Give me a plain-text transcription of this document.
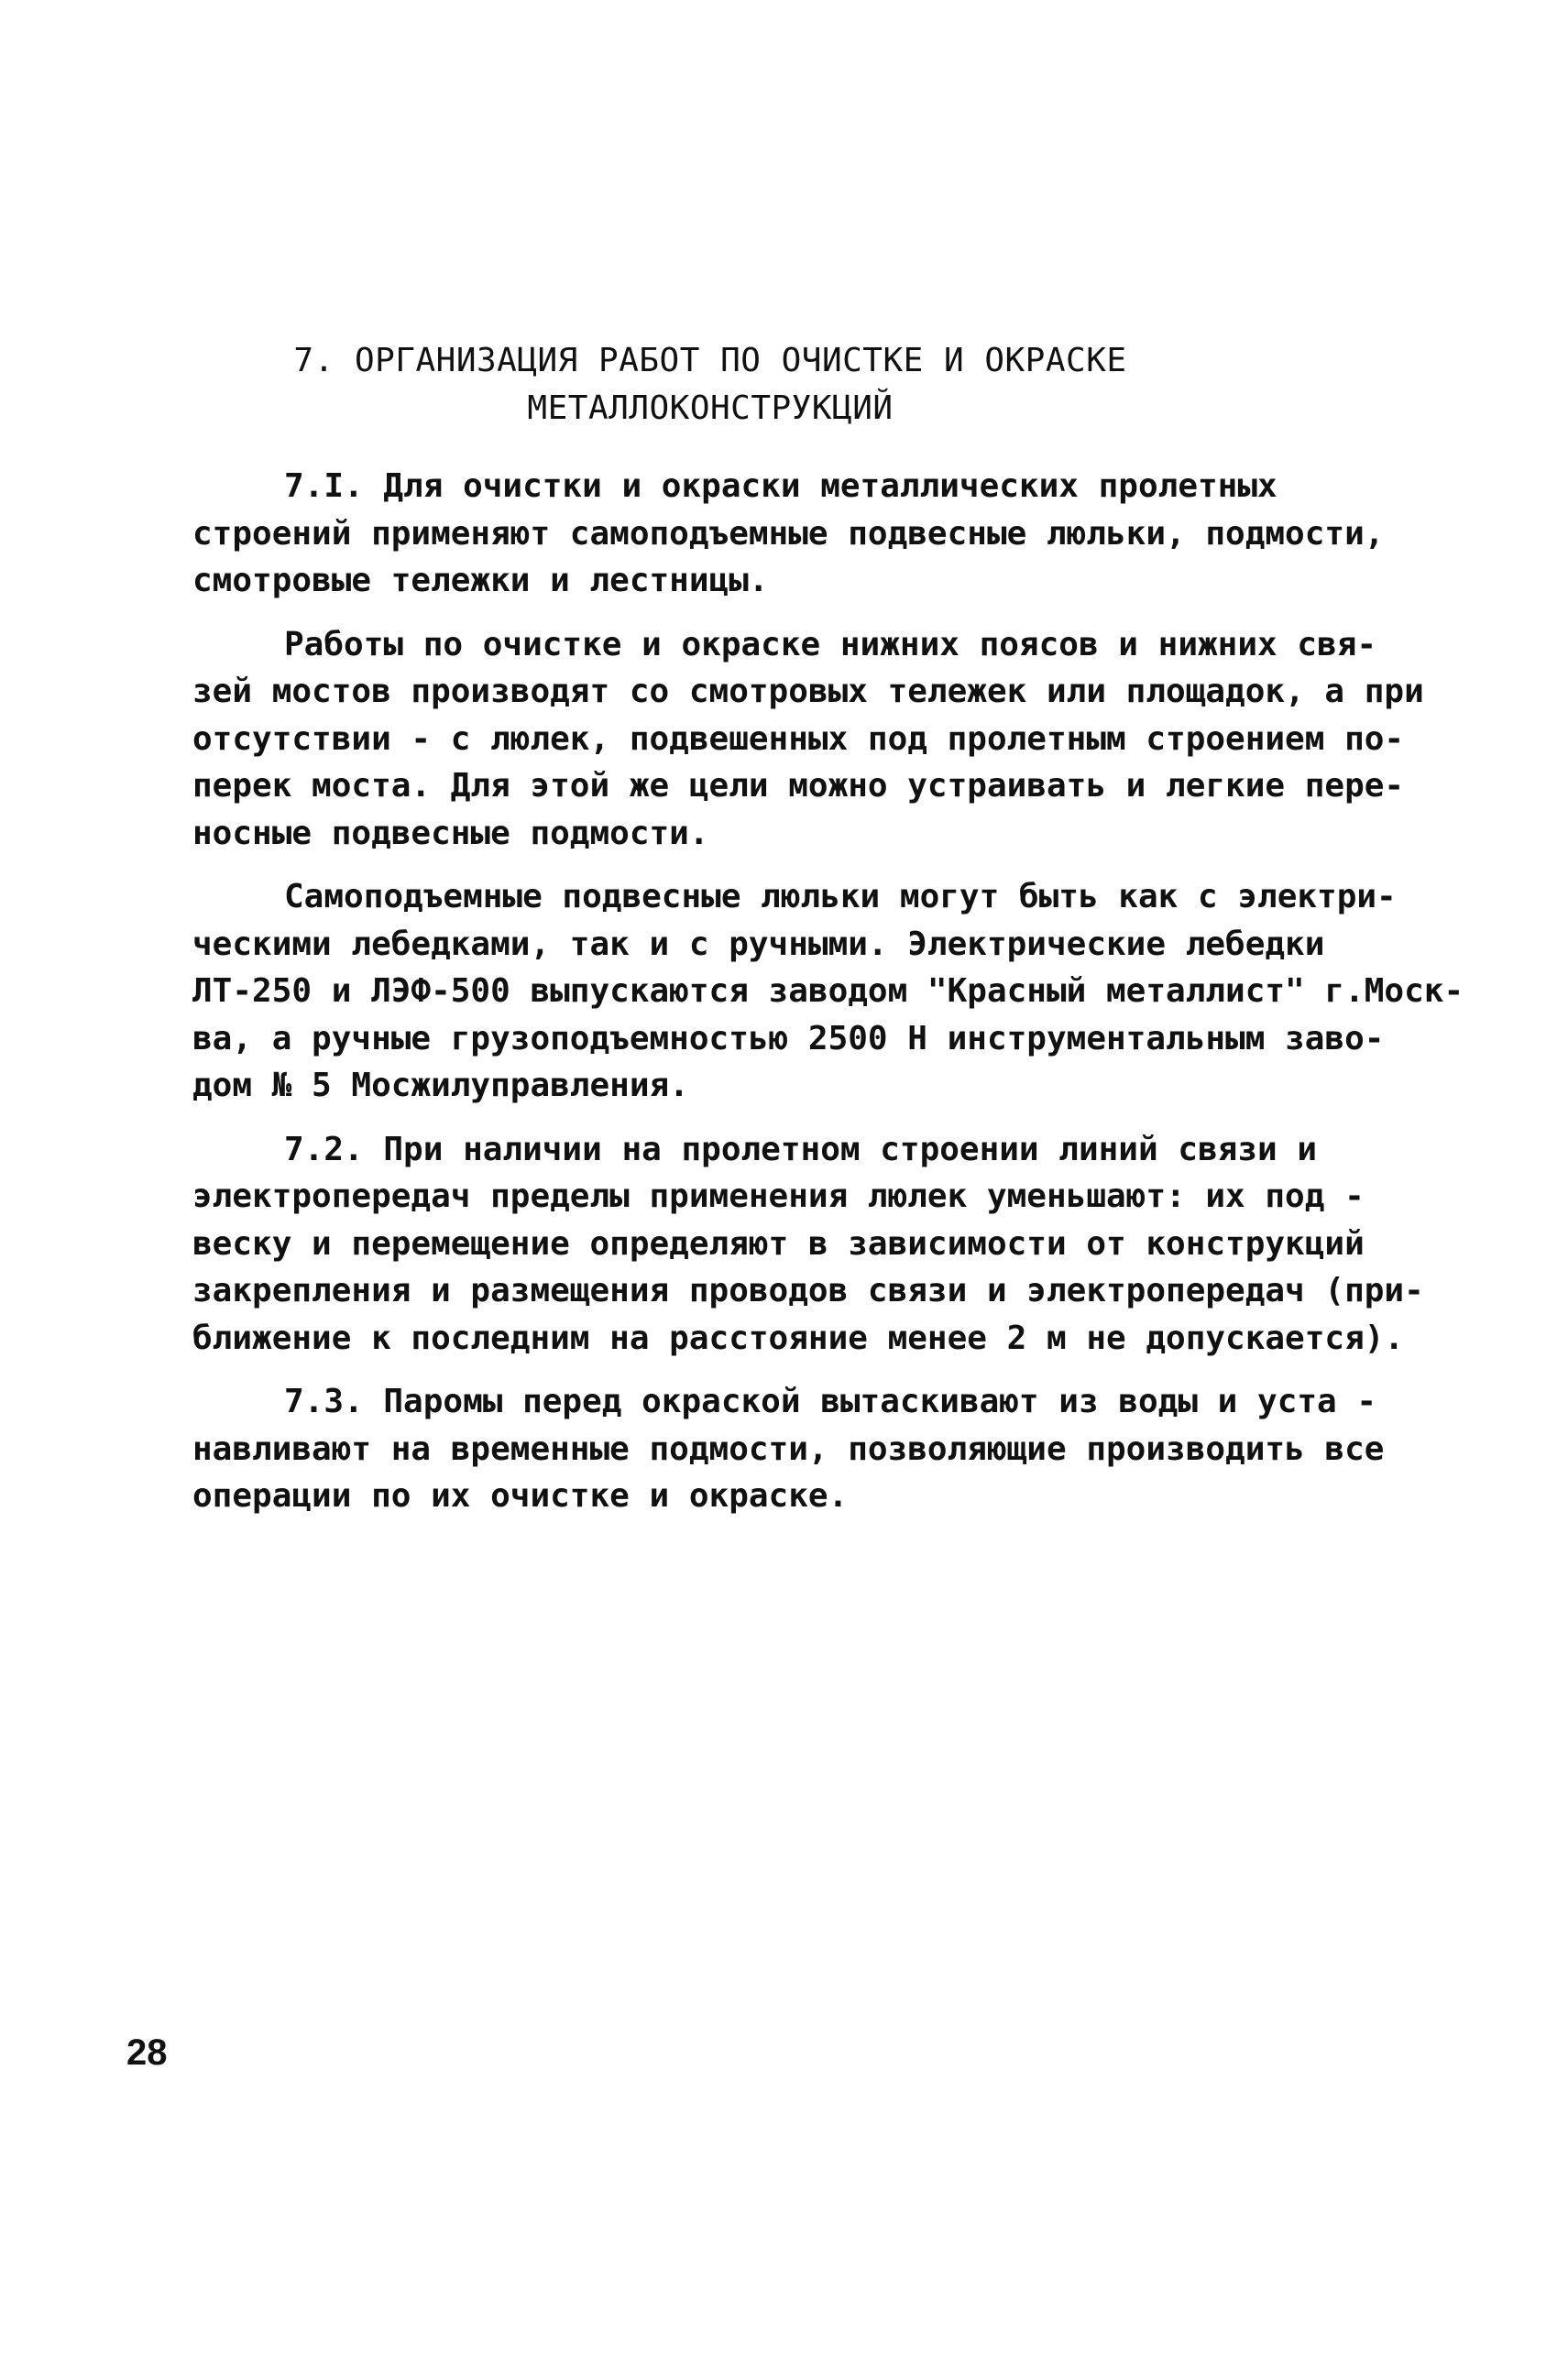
7. ОРГАНИЗАЦИЯ РАБОТ ПО ОЧИСТКЕ И ОКРАСКЕ
МЕТАЛЛОКОНСТРУКЦИЙ
7.I. Для очистки и окраски металлических пролетных
строений применяют самоподъемные подвесные люльки, подмости,
смотровые тележки и лестницы.
Работы по очистке и окраске нижних поясов и нижних свя-
зей мостов производят со смотровых тележек или площадок, а при
отсутствии - с люлек, подвешенных под пролетным строением по-
перек моста. Для этой же цели можно устраивать и легкие пере-
носные подвесные подмости.
Самоподъемные подвесные люльки могут быть как с электри-
ческими лебедками, так и с ручными. Электрические лебедки
ЛТ-250 и ЛЭФ-500 выпускаются заводом "Красный металлист" г.Моск-
ва, а ручные грузоподъемностью 2500 Н инструментальным заво-
дом № 5 Мосжилуправления.
7.2. При наличии на пролетном строении линий связи и
электропередач пределы применения люлек уменьшают: их под -
веску и перемещение определяют в зависимости от конструкций
закрепления и размещения проводов связи и электропередач (при-
ближение к последним на расстояние менее 2 м не допускается).
7.3. Паромы перед окраской вытаскивают из воды и уста -
навливают на временные подмости, позволяющие производить все
операции по их очистке и окраске.
28
